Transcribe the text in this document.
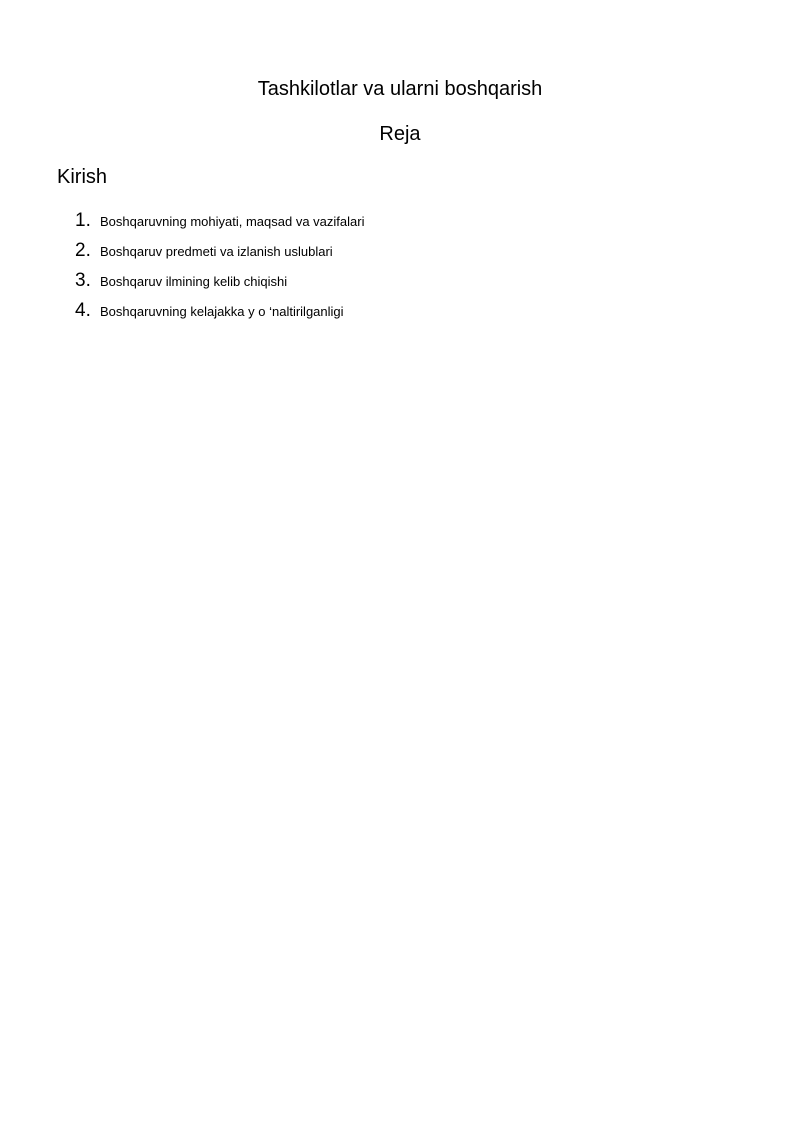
Tashkilotlar va ularni boshqarish
Reja
Kirish
1. Boshqaruvning mohiyati, maqsad va vazifalari
2. Boshqaruv predmeti va izlanish uslublari
3. Boshqaruv ilmining kelib chiqishi
4. Boshqaruvning kelajakka y o ‘naltirilganligi
